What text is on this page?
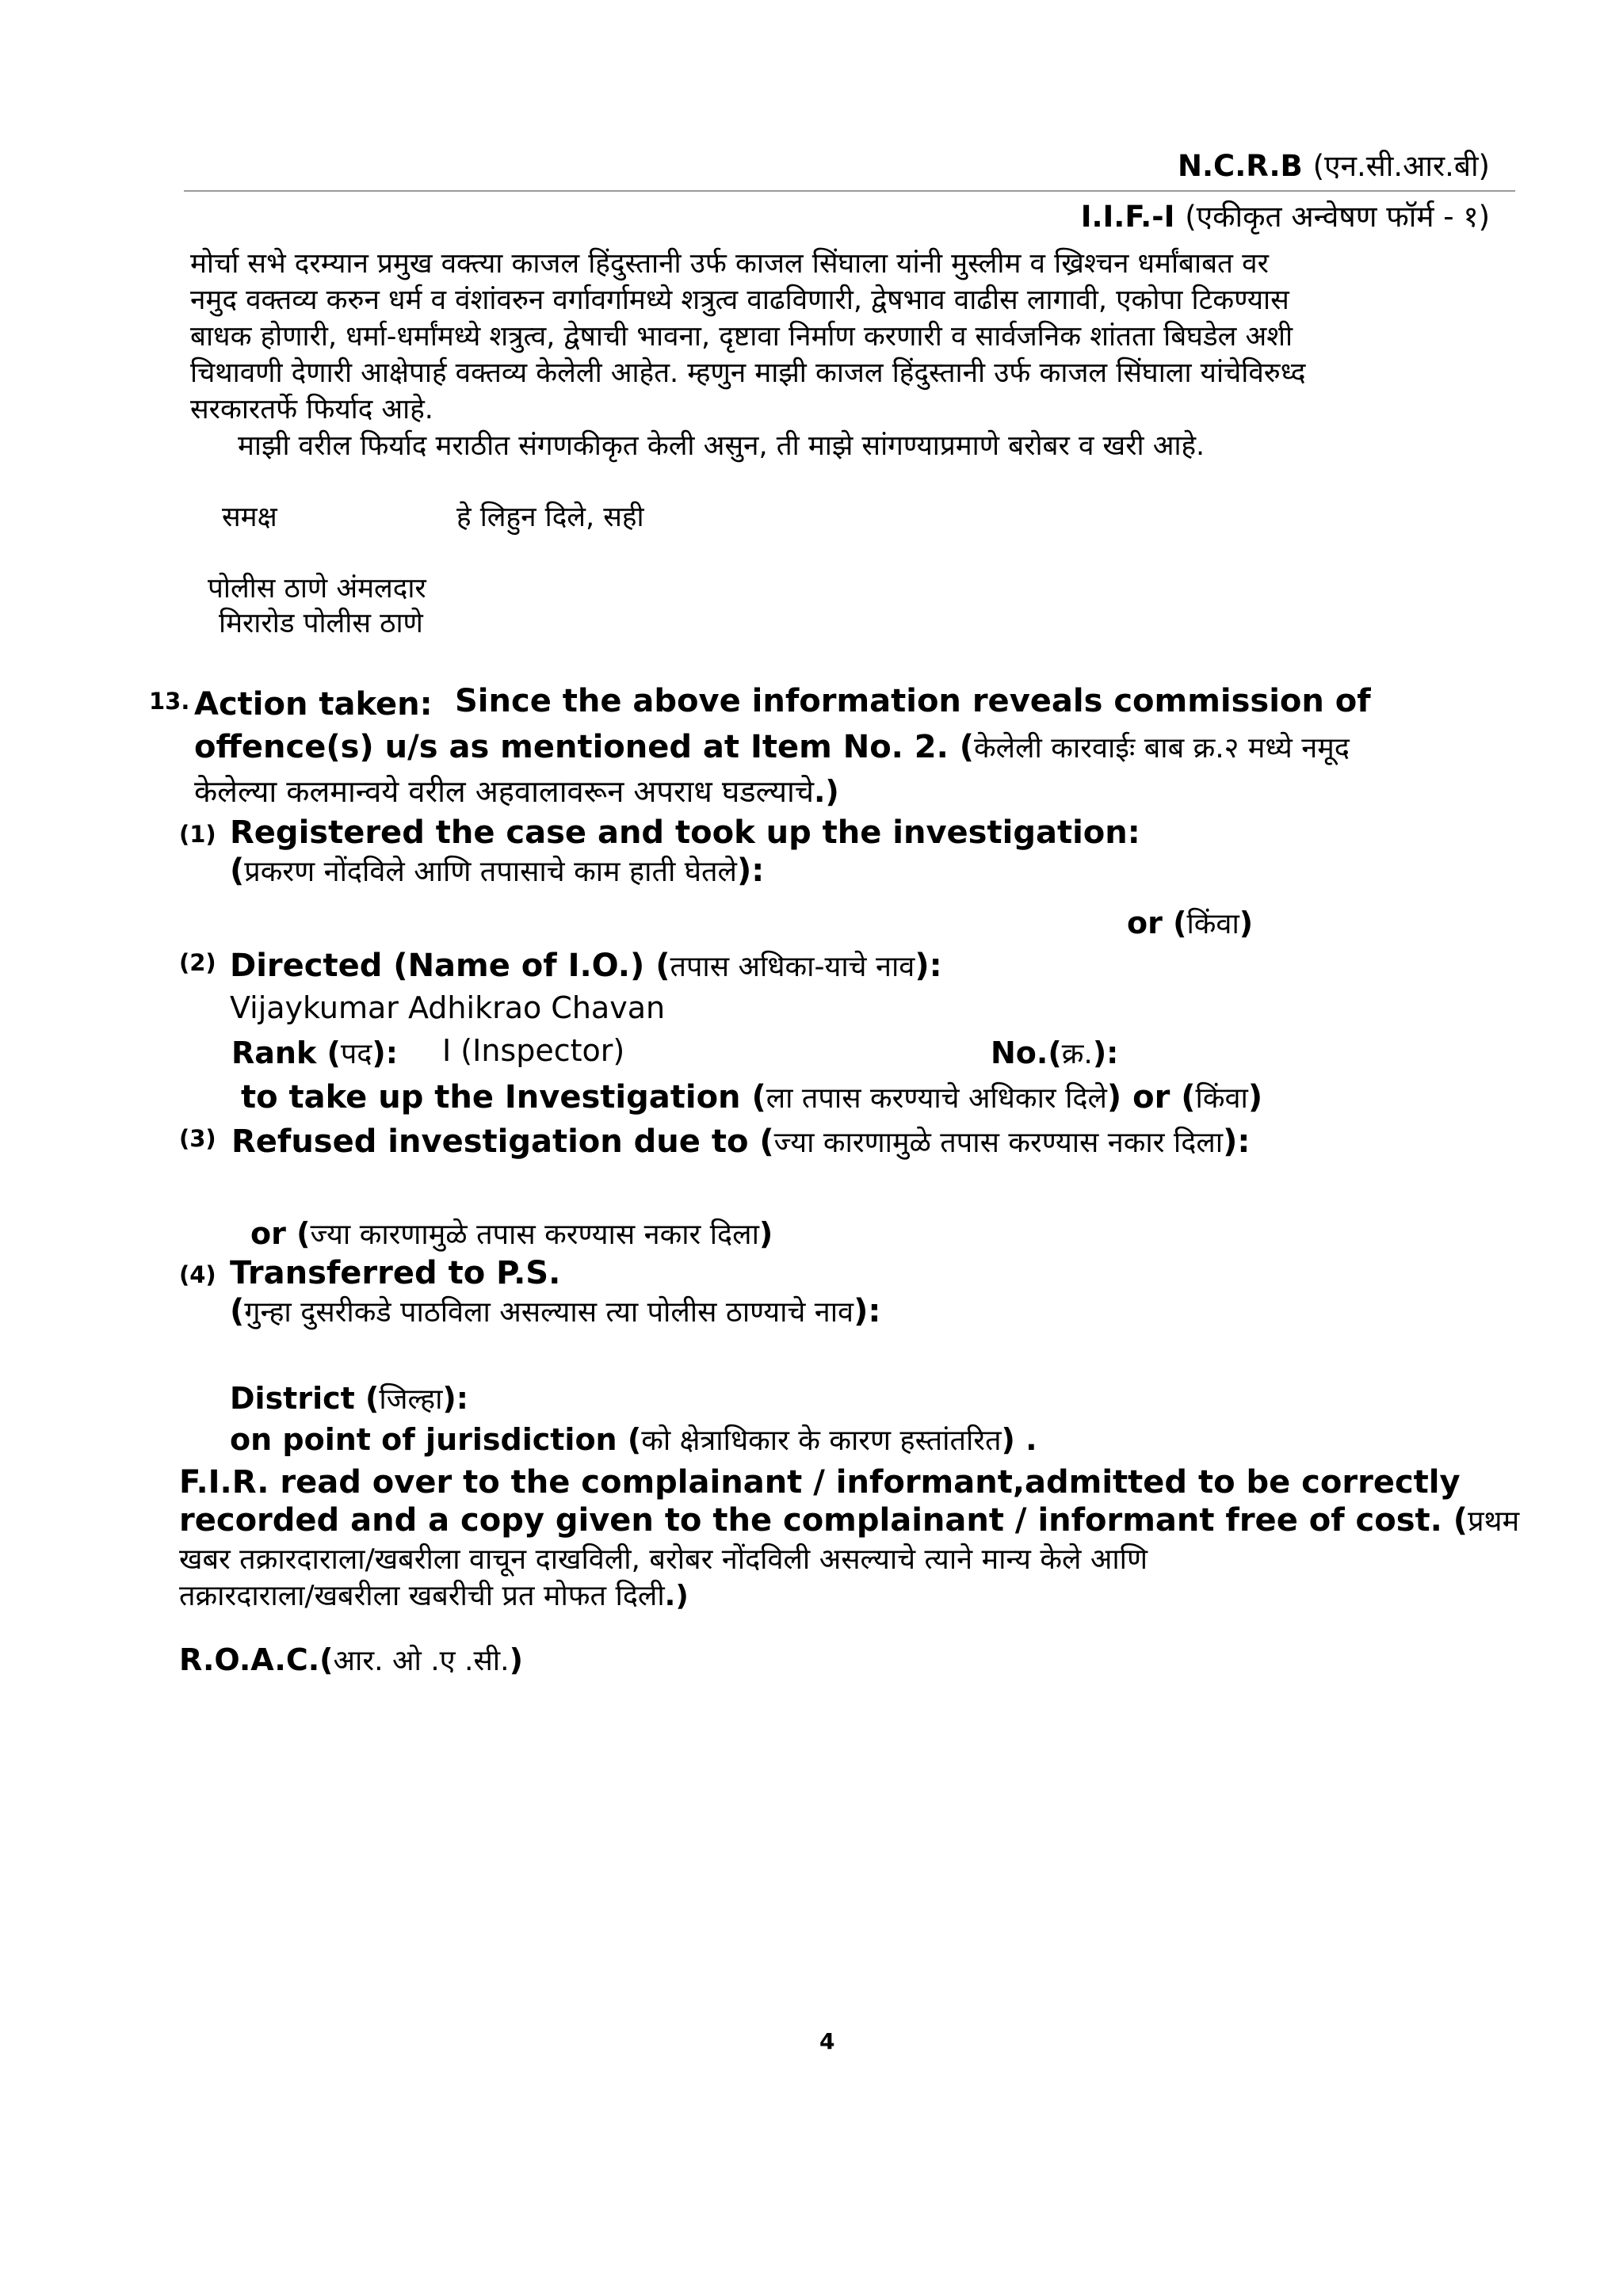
N.C.R.B (एन.सी.आर.बी)
I.I.F.-I (एकीकृत अन्वेषण फॉर्म - १)
मोर्चा सभे दरम्यान प्रमुख वक्त्या काजल हिंदुस्तानी उर्फ काजल सिंघाला यांनी मुस्लीम व ख्रिश्चन धर्मांबाबत वर
नमुद वक्तव्य करुन धर्म व वंशांवरुन वर्गावर्गामध्ये शत्रुत्व वाढविणारी, द्वेषभाव वाढीस लागावी, एकोपा टिकण्यास
बाधक होणारी, धर्मा-धर्मांमध्ये शत्रुत्व, द्वेषाची भावना, दृष्टावा निर्माण करणारी व सार्वजनिक शांतता बिघडेल अशी
चिथावणी देणारी आक्षेपार्ह वक्तव्य केलेली आहेत. म्हणुन माझी काजल हिंदुस्तानी उर्फ काजल सिंघाला यांचेविरुध्द
सरकारतर्फे फिर्याद आहे.
माझी वरील फिर्याद मराठीत संगणकीकृत केली असुन, ती माझे सांगण्याप्रमाणे बरोबर व खरी आहे.
समक्ष	हे लिहुन दिले, सही
पोलीस ठाणे अंमलदार
मिरारोड पोलीस ठाणे
13. Action taken: Since the above information reveals commission of
offence(s) u/s as mentioned at Item No. 2. (केलेली कारवाईः बाब क्र.२ मध्ये नमूद
केलेल्या कलमान्वये वरील अहवालावरून अपराध घडल्याचे.)
(1) Registered the case and took up the investigation:
(प्रकरण नोंदविले आणि तपासाचे काम हाती घेतले):
or (किंवा)
(2) Directed (Name of I.O.) (तपास अधिका-याचे नाव):
Vijaykumar Adhikrao Chavan
Rank (पद): I (Inspector)	No.(क्र.):
to take up the Investigation (ला तपास करण्याचे अधिकार दिले) or (किंवा)
(3) Refused investigation due to (ज्या कारणामुळे तपास करण्यास नकार दिला):
or (ज्या कारणामुळे तपास करण्यास नकार दिला)
(4) Transferred to P.S.
(गुन्हा दुसरीकडे पाठविला असल्यास त्या पोलीस ठाण्याचे नाव):
District (जिल्हा):
on point of jurisdiction (को क्षेत्राधिकार के कारण हस्तांतरित) .
F.I.R. read over to the complainant / informant,admitted to be correctly
recorded and a copy given to the complainant / informant free of cost. (प्रथम
खबर तक्रारदाराला/खबरीला वाचून दाखविली, बरोबर नोंदविली असल्याचे त्याने मान्य केले आणि
तक्रारदाराला/खबरीला खबरीची प्रत मोफत दिली.)
R.O.A.C.(आर. ओ .ए .सी.)
4
